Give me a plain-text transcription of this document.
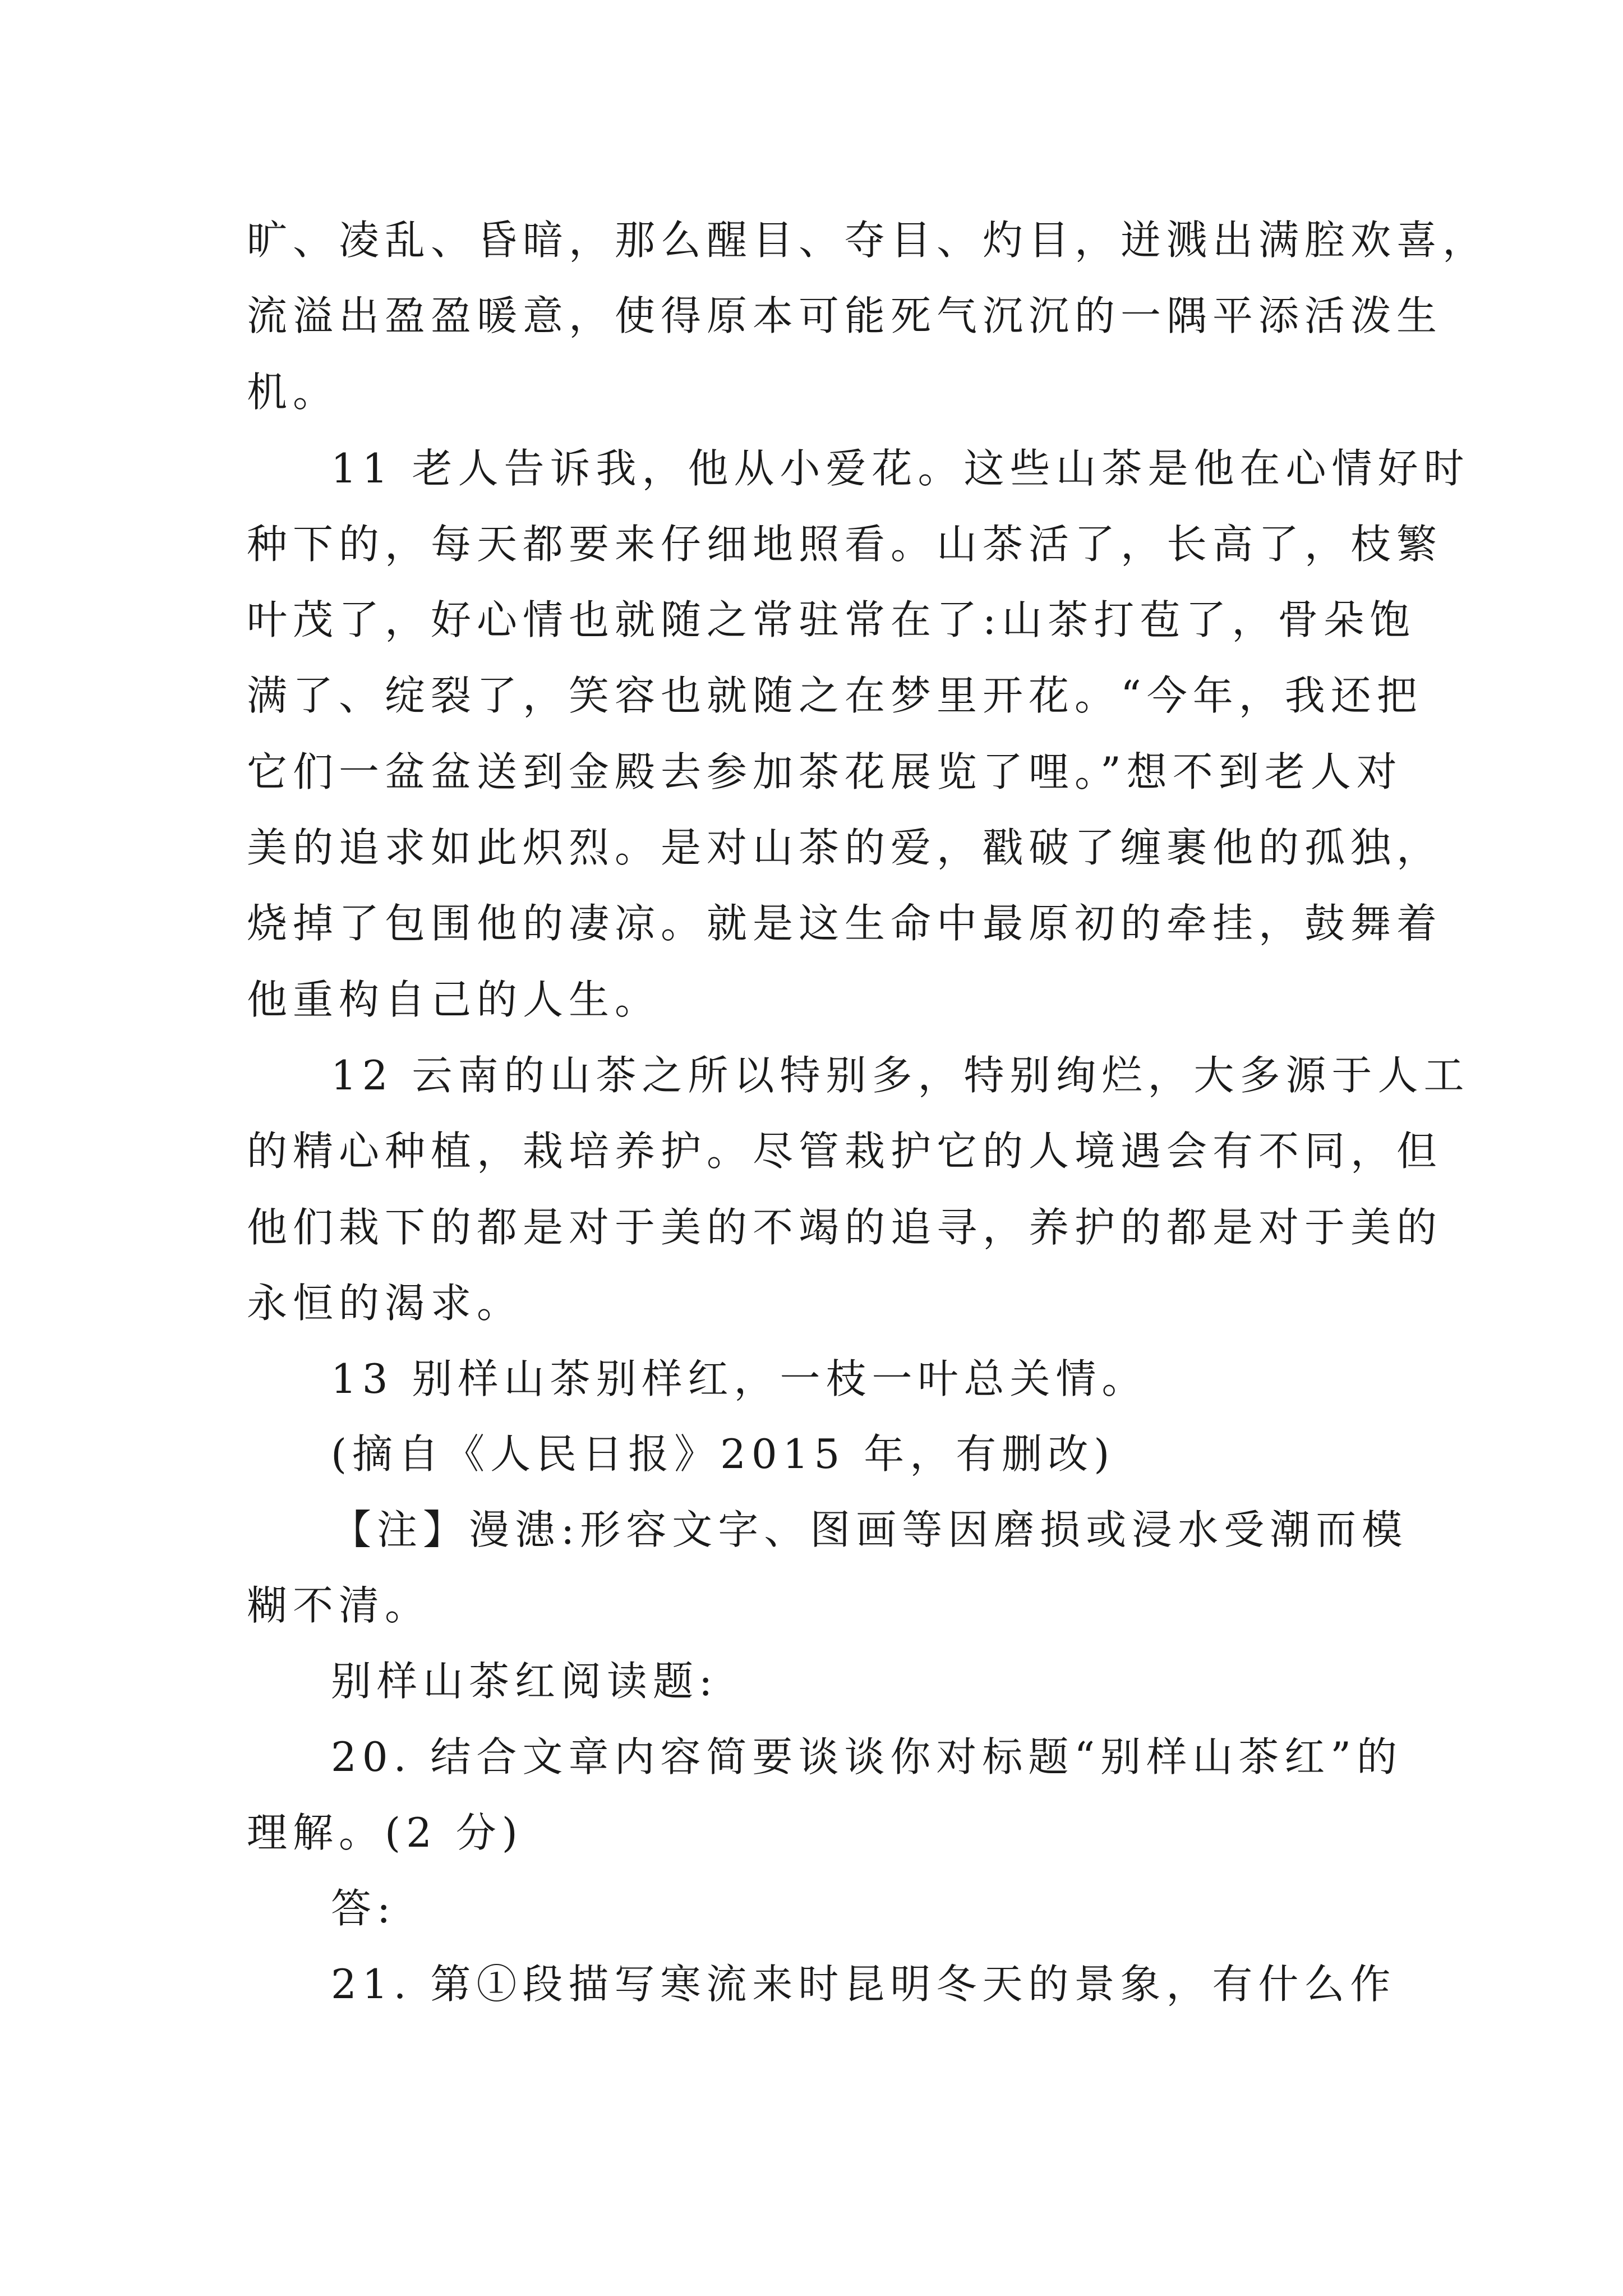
旷、凌乱、昏暗，那么醒目、夺目、灼目，迸溅出满腔欢喜，
流溢出盈盈暖意，使得原本可能死气沉沉的一隅平添活泼生
机。
11 老人告诉我，他从小爱花。这些山茶是他在心情好时
种下的，每天都要来仔细地照看。山茶活了，长高了，枝繁
叶茂了，好心情也就随之常驻常在了:山茶打苞了，骨朵饱
满了、绽裂了，笑容也就随之在梦里开花。“今年，我还把
它们一盆盆送到金殿去参加茶花展览了哩。”想不到老人对
美的追求如此炽烈。是对山茶的爱，戳破了缠裹他的孤独，
烧掉了包围他的凄凉。就是这生命中最原初的牵挂，鼓舞着
他重构自己的人生。
12 云南的山茶之所以特别多，特别绚烂，大多源于人工
的精心种植，栽培养护。尽管栽护它的人境遇会有不同，但
他们栽下的都是对于美的不竭的追寻，养护的都是对于美的
永恒的渴求。
13 别样山茶别样红，一枝一叶总关情。
(摘自《人民日报》2015 年，有删改)
【注】漫漶:形容文字、图画等因磨损或浸水受潮而模
糊不清。
别样山茶红阅读题:
20. 结合文章内容简要谈谈你对标题“别样山茶红”的
理解。(2 分)
答:
21. 第①段描写寒流来时昆明冬天的景象，有什么作
